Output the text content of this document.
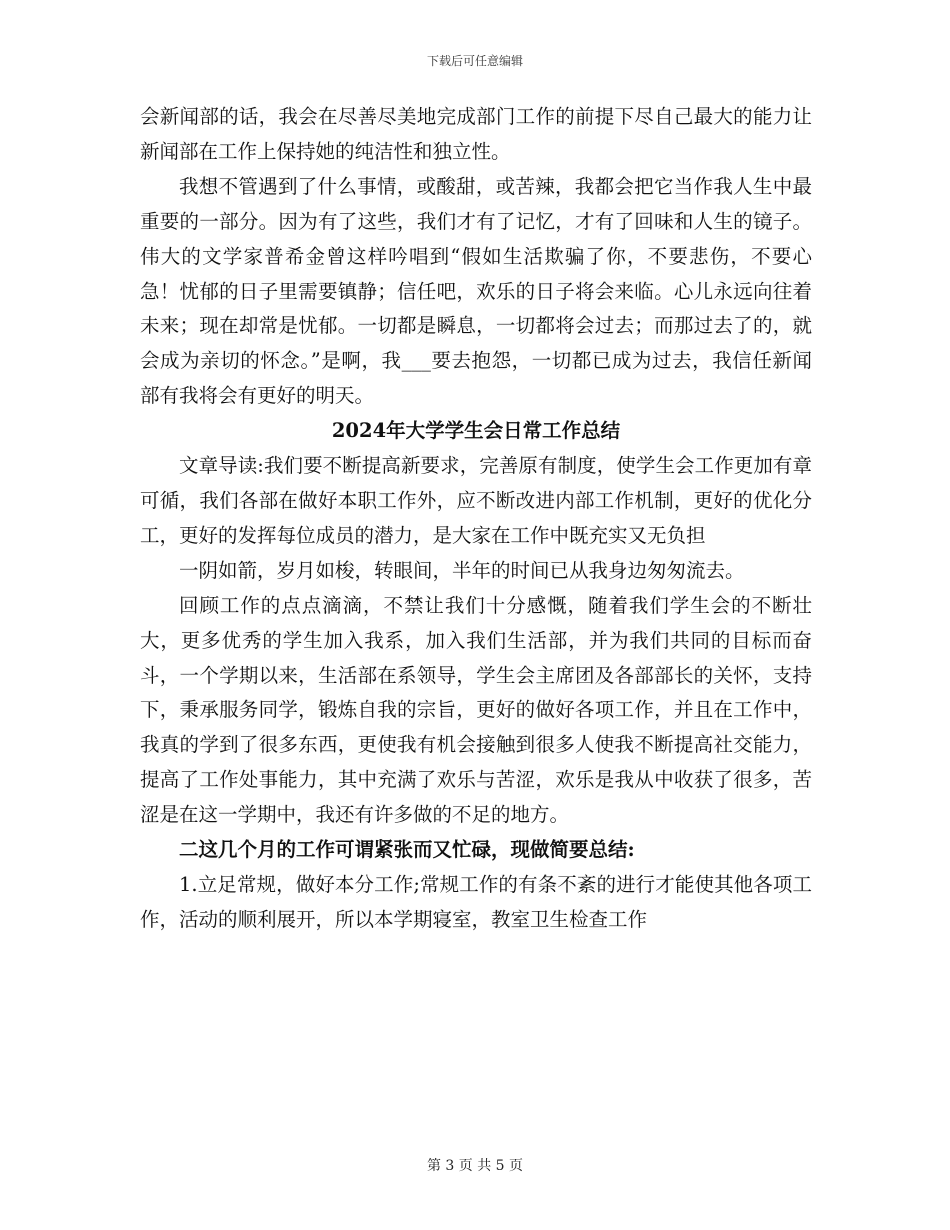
下载后可任意编辑

会新闻部的话，我会在尽善尽美地完成部门工作的前提下尽自己最大的能力让新闻部在工作上保持她的纯洁性和独立性。

我想不管遇到了什么事情，或酸甜，或苦辣，我都会把它当作我人生中最重要的一部分。因为有了这些，我们才有了记忆，才有了回味和人生的镜子。伟大的文学家普希金曾这样吟唱到“假如生活欺骗了你，不要悲伤，不要心急！忧郁的日子里需要镇静；信任吧，欢乐的日子将会来临。心儿永远向往着未来；现在却常是忧郁。一切都是瞬息，一切都将会过去；而那过去了的，就会成为亲切的怀念。”是啊，我___要去抱怨，一切都已成为过去，我信任新闻部有我将会有更好的明天。

2024年大学学生会日常工作总结

文章导读:我们要不断提高新要求，完善原有制度，使学生会工作更加有章可循，我们各部在做好本职工作外，应不断改进内部工作机制，更好的优化分工，更好的发挥每位成员的潜力，是大家在工作中既充实又无负担

一阴如箭，岁月如梭，转眼间，半年的时间已从我身边匆匆流去。

回顾工作的点点滴滴，不禁让我们十分感慨，随着我们学生会的不断壮大，更多优秀的学生加入我系，加入我们生活部，并为我们共同的目标而奋斗，一个学期以来，生活部在系领导，学生会主席团及各部部长的关怀，支持下，秉承服务同学，锻炼自我的宗旨，更好的做好各项工作，并且在工作中，我真的学到了很多东西，更使我有机会接触到很多人使我不断提高社交能力，提高了工作处事能力，其中充满了欢乐与苦涩，欢乐是我从中收获了很多，苦涩是在这一学期中，我还有许多做的不足的地方。

二这几个月的工作可谓紧张而又忙碌，现做简要总结:

1.立足常规，做好本分工作;常规工作的有条不紊的进行才能使其他各项工作，活动的顺利展开，所以本学期寝室，教室卫生检查工作

第 3 页 共 5 页
